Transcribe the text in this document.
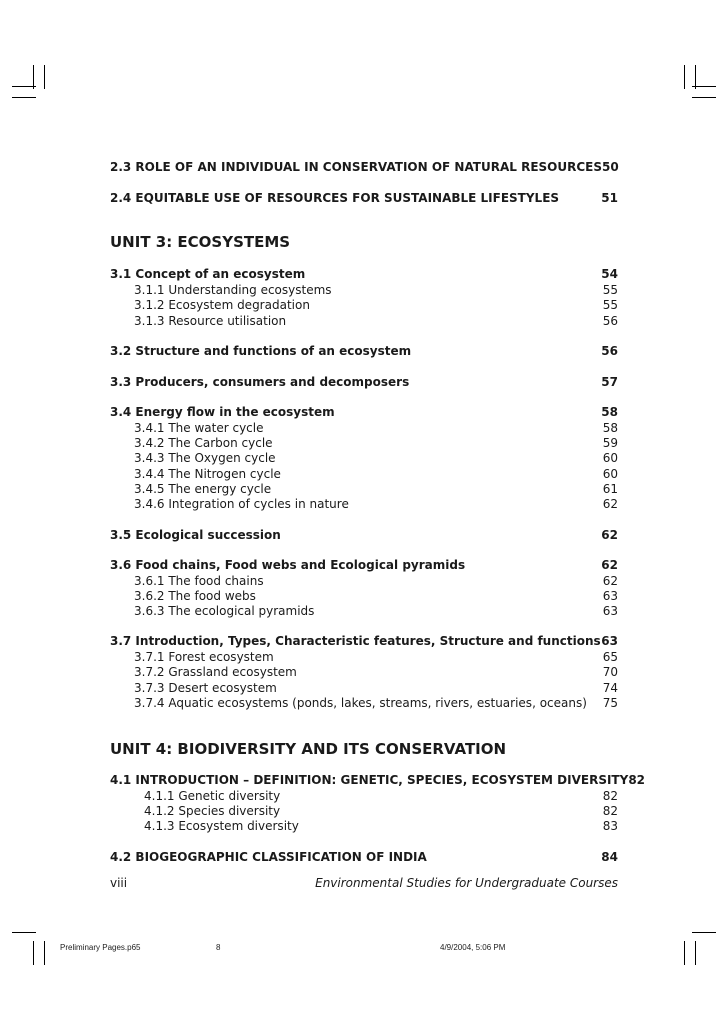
2.3 ROLE OF AN INDIVIDUAL IN CONSERVATION OF NATURAL RESOURCES 50
2.4 EQUITABLE USE OF RESOURCES FOR SUSTAINABLE LIFESTYLES	51
UNIT 3: ECOSYSTEMS
3.1 Concept of an ecosystem	54
3.1.1 Understanding ecosystems	55
3.1.2 Ecosystem degradation	55
3.1.3 Resource utilisation	56
3.2 Structure and functions of an ecosystem	56
3.3 Producers, consumers and decomposers	57
3.4 Energy flow in the ecosystem	58
3.4.1 The water cycle	58
3.4.2 The Carbon cycle	59
3.4.3 The Oxygen cycle	60
3.4.4 The Nitrogen cycle	60
3.4.5 The energy cycle	61
3.4.6 Integration of cycles in nature	62
3.5 Ecological succession	62
3.6 Food chains, Food webs and Ecological pyramids	62
3.6.1 The food chains	62
3.6.2 The food webs	63
3.6.3 The ecological pyramids	63
3.7 Introduction, Types, Characteristic features, Structure and functions 63
3.7.1 Forest ecosystem	65
3.7.2 Grassland ecosystem	70
3.7.3 Desert ecosystem	74
3.7.4 Aquatic ecosystems (ponds, lakes, streams, rivers, estuaries, oceans) 75
UNIT 4: BIODIVERSITY AND ITS CONSERVATION
4.1 INTRODUCTION – DEFINITION: GENETIC, SPECIES, ECOSYSTEM DIVERSITY 82
4.1.1 Genetic diversity	82
4.1.2 Species diversity	82
4.1.3 Ecosystem diversity	83
4.2 BIOGEOGRAPHIC CLASSIFICATION OF INDIA	84
viii	Environmental Studies for Undergraduate Courses
Preliminary Pages.p65	8	4/9/2004, 5:06 PM
